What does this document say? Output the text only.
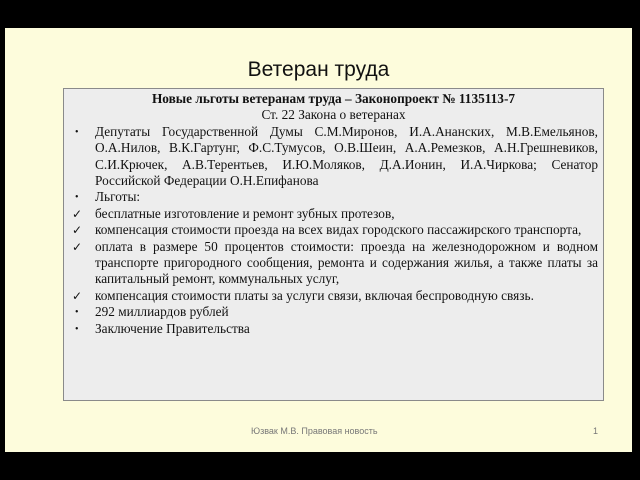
Ветеран труда
Новые льготы ветеранам труда – Законопроект № 1135113-7
Ст. 22 Закона о ветеранах
•	Депутаты Государственной Думы С.М.Миронов, И.А.Ананских, М.В.Емельянов, О.А.Нилов, В.К.Гартунг, Ф.С.Тумусов, О.В.Шеин, А.А.Ремезков, А.Н.Грешневиков, С.И.Крючек, А.В.Терентьев, И.Ю.Моляков, Д.А.Ионин, И.А.Чиркова; Сенатор Российской Федерации О.Н.Епифанова
•	Льготы:
✓ бесплатные изготовление и ремонт зубных протезов,
✓ компенсация стоимости проезда на всех видах городского пассажирского транспорта,
✓ оплата в размере 50 процентов стоимости: проезда на железнодорожном и водном транспорте пригородного сообщения, ремонта и содержания жилья, а также платы за капитальный ремонт, коммунальных услуг,
✓ компенсация стоимости платы за услуги связи, включая беспроводную связь.
•	292 миллиардов рублей
•	Заключение Правительства
Юзвак М.В. Правовая новость	1
